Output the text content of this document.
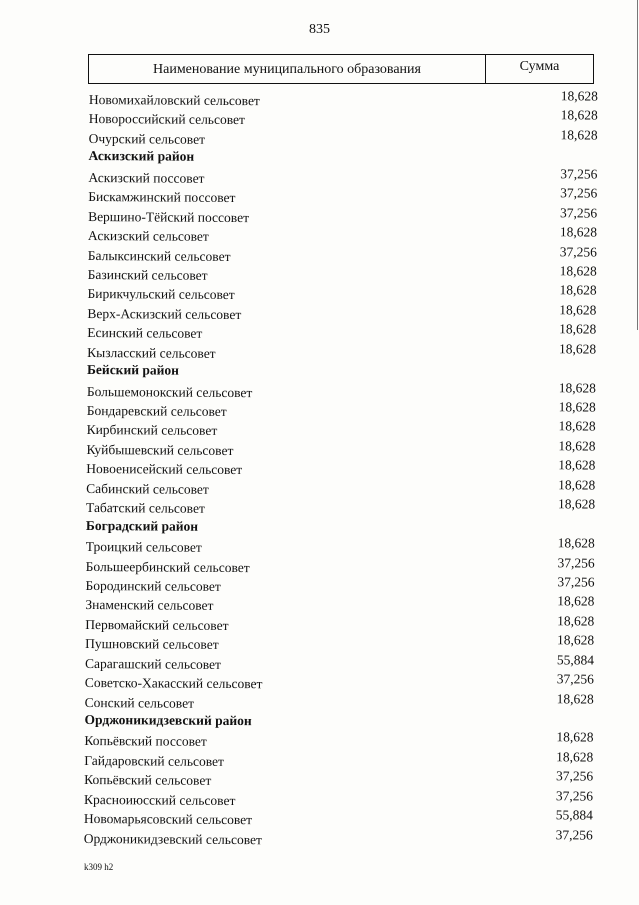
835
Наименование муниципального образования	Сумма
Новомихайловский сельсовет	18,628
Новороссийский сельсовет	18,628
Очурский сельсовет	18,628
Аскизский район
Аскизский поссовет	37,256
Бискамжинский поссовет	37,256
Вершино-Тёйский поссовет	37,256
Аскизский сельсовет	18,628
Балыксинский сельсовет	37,256
Базинский сельсовет	18,628
Бирикчульский сельсовет	18,628
Верх-Аскизский сельсовет	18,628
Есинский сельсовет	18,628
Кызласский сельсовет	18,628
Бейский район
Большемонокский сельсовет	18,628
Бондаревский сельсовет	18,628
Кирбинский сельсовет	18,628
Куйбышевский сельсовет	18,628
Новоенисейский сельсовет	18,628
Сабинский сельсовет	18,628
Табатский сельсовет	18,628
Боградский район
Троицкий сельсовет	18,628
Большеербинский сельсовет	37,256
Бородинский сельсовет	37,256
Знаменский сельсовет	18,628
Первомайский сельсовет	18,628
Пушновский сельсовет	18,628
Сарагашский сельсовет	55,884
Советско-Хакасский сельсовет	37,256
Сонский сельсовет	18,628
Орджоникидзевский район
Копьёвский поссовет	18,628
Гайдаровский сельсовет	18,628
Копьёвский сельсовет	37,256
Красноиюсский сельсовет	37,256
Новомарьясовский сельсовет	55,884
Орджоникидзевский сельсовет	37,256
k309 h2
